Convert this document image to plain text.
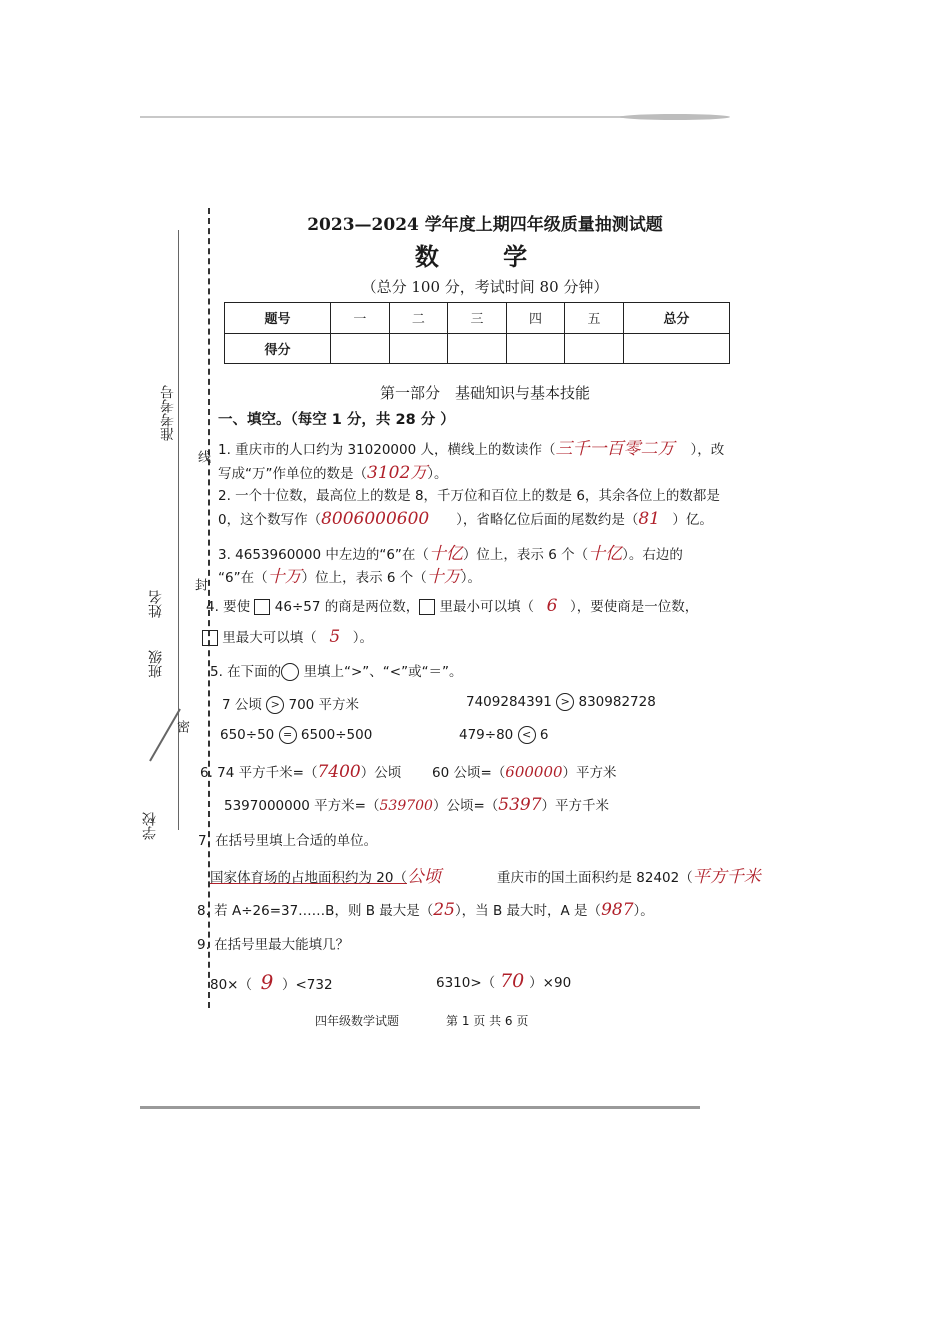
准考考号
线
封
姓名
班级
密
学校
2023—2024 学年度上期四年级质量抽测试题
数 学
（总分 100 分，考试时间 80 分钟）
题号	一	二	三	四	五	总分
得分						
第一部分　基础知识与基本技能
一、填空。（每空 1 分，共 28 分 ）
1. 重庆市的人口约为 31020000 人，横线上的数读作（三千一百零二万 ），改
写成“万”作单位的数是（3102万）。
2. 一个十位数，最高位上的数是 8，千万位和百位上的数是 6，其余各位上的数都是
0，这个数写作（8006000600 ），省略亿位后面的尾数约是（81 ）亿。
3. 4653960000 中左边的“6”在（十亿）位上，表示 6 个（十亿）。右边的
“6”在（十万）位上，表示 6 个（十万）。
4. 要使 46÷57 的商是两位数， 里最小可以填（ 6 ），要使商是一位数，
里最大可以填（ 5 ）。
5. 在下面的 里填上“>”、“<”或“＝”。
7 公顷 > 700 平方米	7409284391 > 830982728
650÷50 = 6500÷500	479÷80 < 6
6. 74 平方千米=（7400）公顷 60 公顷=（600000）平方米
5397000000 平方米=（539700）公顷=（5397）平方千米
7. 在括号里填上合适的单位。
国家体育场的占地面积约为 20（公顷	重庆市的国土面积约是 82402（平方千米
8. 若 A÷26=37……B，则 B 最大是（25），当 B 最大时，A 是（987）。
9. 在括号里最大能填几？
80×（ 9 ）<732	6310>（ 70 ）×90
四年级数学试题	第 1 页 共 6 页
